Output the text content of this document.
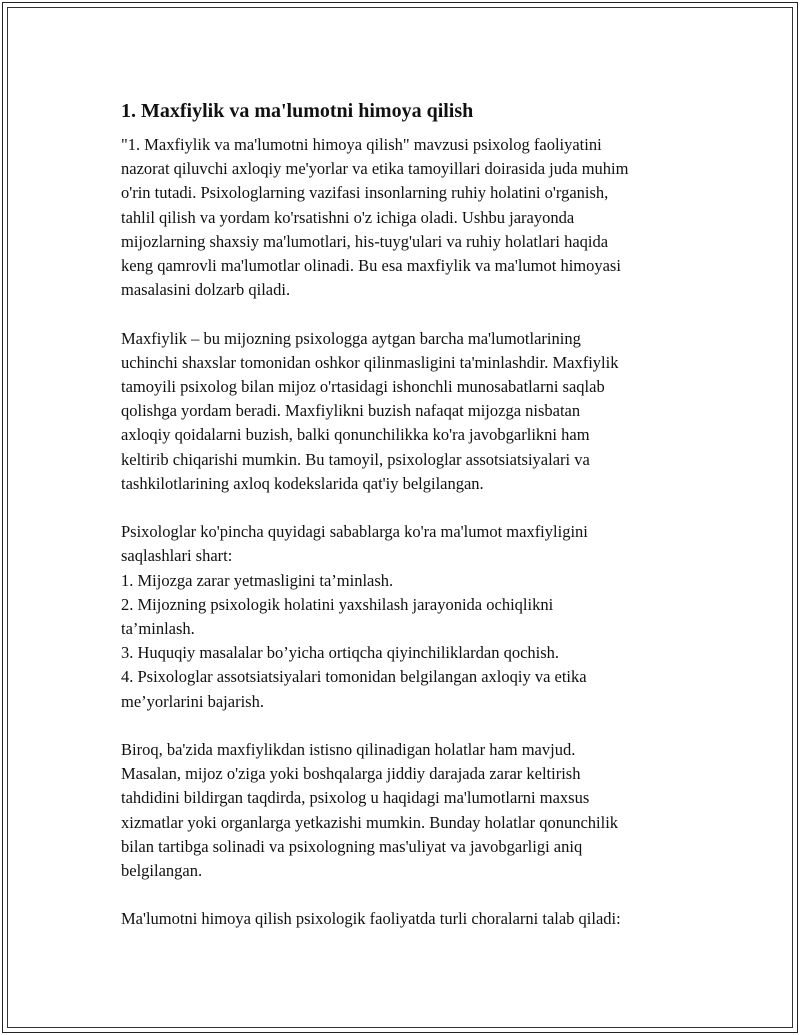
1. Maxfiylik va ma'lumotni himoya qilish
"1. Maxfiylik va ma'lumotni himoya qilish" mavzusi psixolog faoliyatini
nazorat qiluvchi axloqiy me'yorlar va etika tamoyillari doirasida juda muhim
o'rin tutadi. Psixologlarning vazifasi insonlarning ruhiy holatini o'rganish,
tahlil qilish va yordam ko'rsatishni o'z ichiga oladi. Ushbu jarayonda
mijozlarning shaxsiy ma'lumotlari, his-tuyg'ulari va ruhiy holatlari haqida
keng qamrovli ma'lumotlar olinadi. Bu esa maxfiylik va ma'lumot himoyasi
masalasini dolzarb qiladi.
Maxfiylik – bu mijozning psixologga aytgan barcha ma'lumotlarining
uchinchi shaxslar tomonidan oshkor qilinmasligini ta'minlashdir. Maxfiylik
tamoyili psixolog bilan mijoz o'rtasidagi ishonchli munosabatlarni saqlab
qolishga yordam beradi. Maxfiylikni buzish nafaqat mijozga nisbatan
axloqiy qoidalarni buzish, balki qonunchilikka ko'ra javobgarlikni ham
keltirib chiqarishi mumkin. Bu tamoyil, psixologlar assotsiatsiyalari va
tashkilotlarining axloq kodekslarida qat'iy belgilangan.
Psixologlar ko'pincha quyidagi sabablarga ko'ra ma'lumot maxfiyligini
saqlashlari shart:
1. Mijozga zarar yetmasligini ta’minlash.
2. Mijozning psixologik holatini yaxshilash jarayonida ochiqlikni
ta’minlash.
3. Huquqiy masalalar bo’yicha ortiqcha qiyinchiliklardan qochish.
4. Psixologlar assotsiatsiyalari tomonidan belgilangan axloqiy va etika
me’yorlarini bajarish.
Biroq, ba'zida maxfiylikdan istisno qilinadigan holatlar ham mavjud.
Masalan, mijoz o'ziga yoki boshqalarga jiddiy darajada zarar keltirish
tahdidini bildirgan taqdirda, psixolog u haqidagi ma'lumotlarni maxsus
xizmatlar yoki organlarga yetkazishi mumkin. Bunday holatlar qonunchilik
bilan tartibga solinadi va psixologning mas'uliyat va javobgarligi aniq
belgilangan.
Ma'lumotni himoya qilish psixologik faoliyatda turli choralarni talab qiladi:
